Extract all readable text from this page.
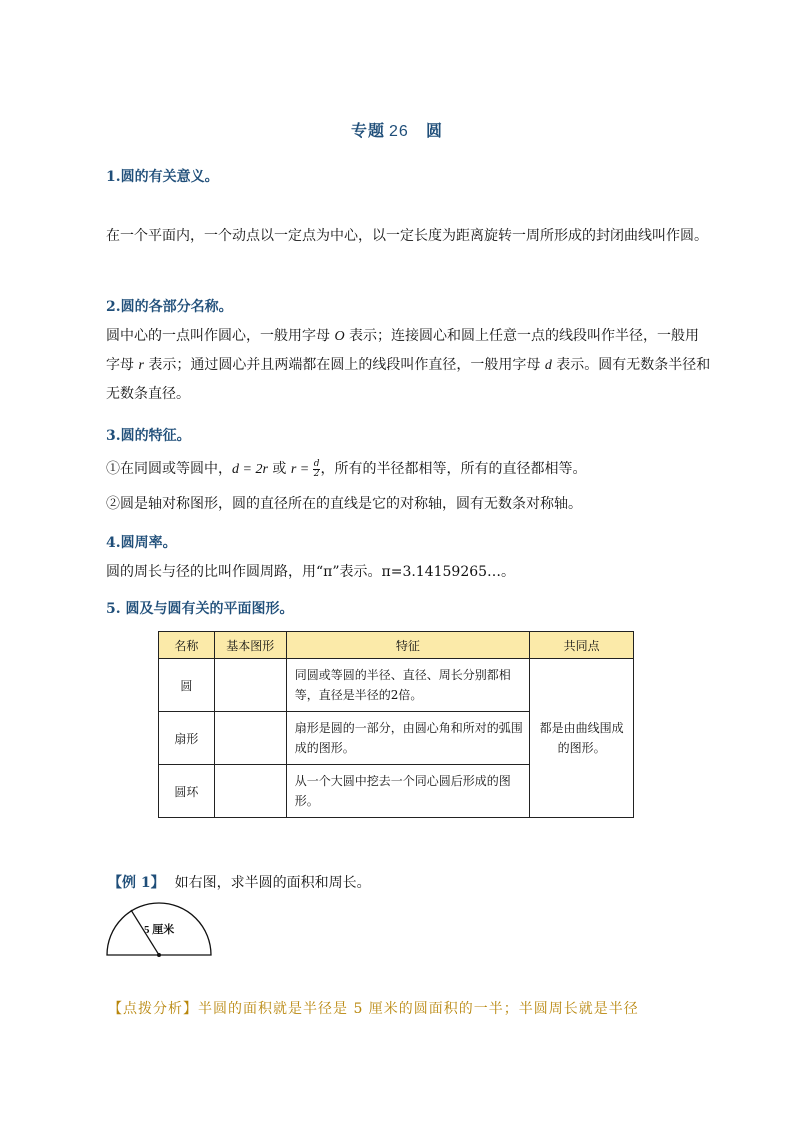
专题 26 圆
1.圆的有关意义。
在一个平面内，一个动点以一定点为中心，以一定长度为距离旋转一周所形成的封闭曲线叫作圆。
2.圆的各部分名称。
圆中心的一点叫作圆心，一般用字母 O 表示；连接圆心和圆上任意一点的线段叫作半径，一般用字母 r 表示；通过圆心并且两端都在圆上的线段叫作直径，一般用字母 d 表示。圆有无数条半径和无数条直径。
3.圆的特征。
①在同圆或等圆中，d = 2r 或 $r = \frac{d}{2}$ ，所有的半径都相等，所有的直径都相等。
②圆是轴对称图形，圆的直径所在的直线是它的对称轴，圆有无数条对称轴。
4.圆周率。
圆的周长与径的比叫作圆周路，用“π”表示。π=3.14159265…。
5. 圆及与圆有关的平面图形。
名称	基本图形	特征	共同点
圆		同圆或等圆的半径、直径、周长分别都相等，直径是半径的2倍。	都是由曲线围成的图形。
扇形		扇形是圆的一部分，由圆心角和所对的弧围成的图形。	
圆环		从一个大圆中挖去一个同心圆后形成的图形。	
【例 1】 如右图，求半圆的面积和周长。
5 厘米
【点拨分析】半圆的面积就是半径是 5 厘米的圆面积的一半；半圆周长就是半径
